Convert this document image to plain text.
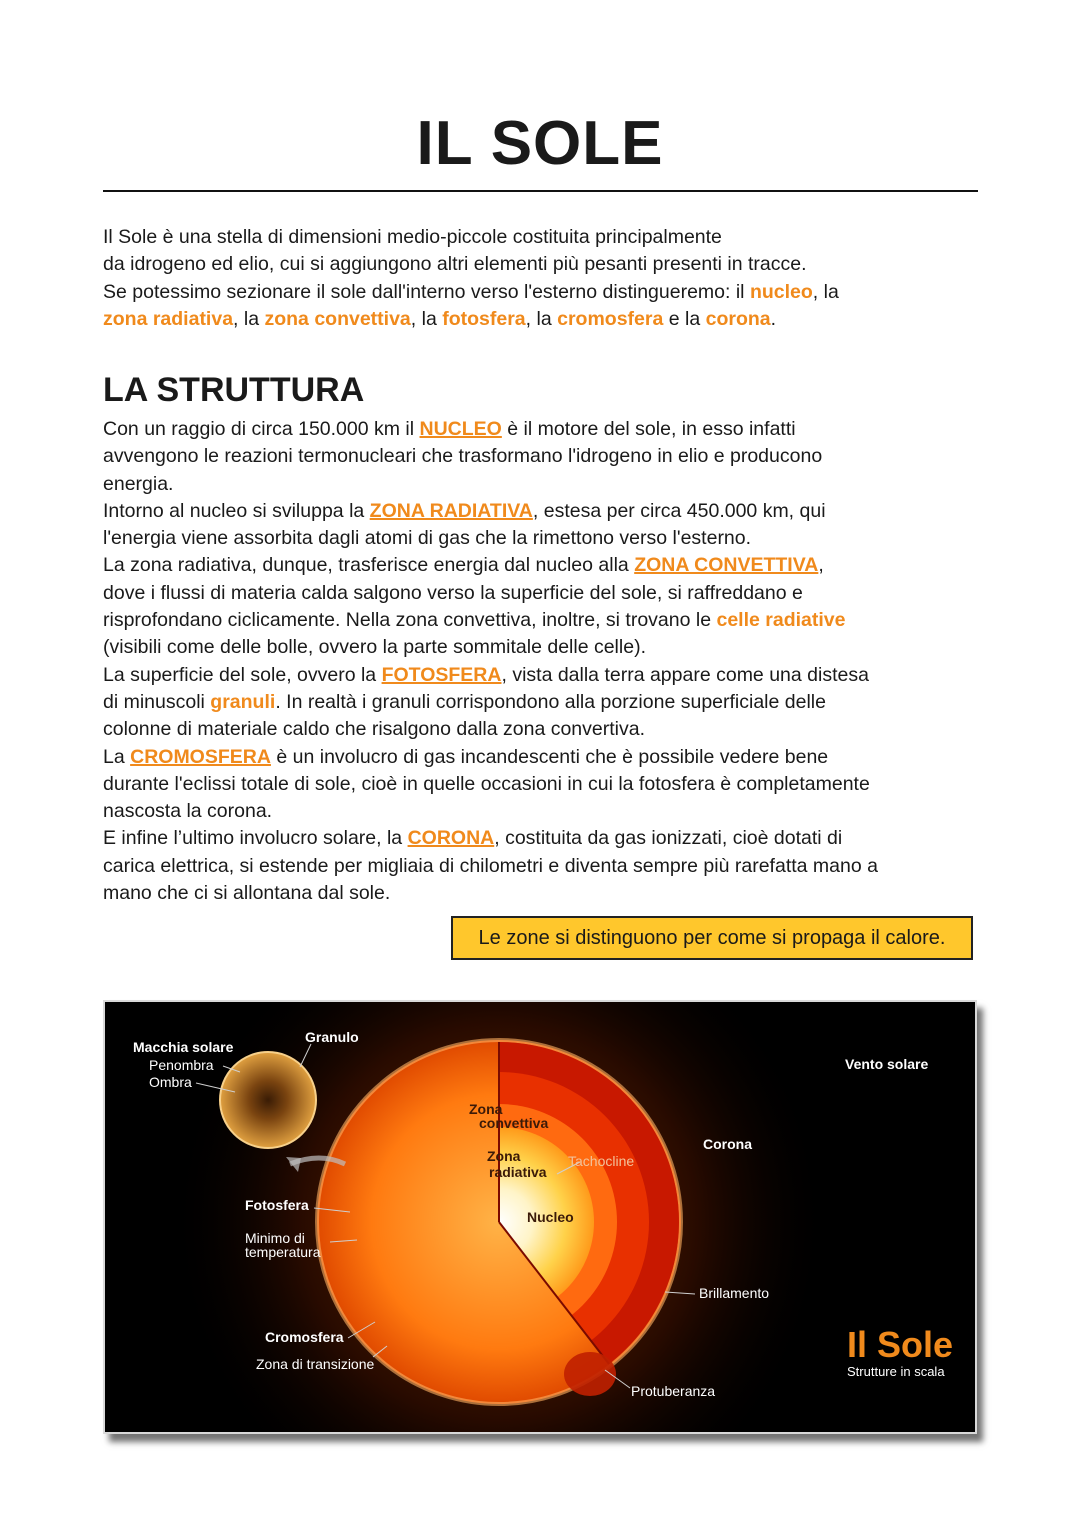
IL SOLE
Il Sole è una stella di dimensioni medio-piccole costituita principalmente
da idrogeno ed elio, cui si aggiungono altri elementi più pesanti presenti in tracce.
Se potessimo sezionare il sole dall'interno verso l'esterno distingueremo: il nucleo, la
zona radiativa, la zona convettiva, la fotosfera, la cromosfera e la corona.
LA STRUTTURA
Con un raggio di circa 150.000 km il NUCLEO è il motore del sole, in esso infatti
avvengono le reazioni termonucleari che trasformano l'idrogeno in elio e producono
energia.
Intorno al nucleo si sviluppa la ZONA RADIATIVA, estesa per circa 450.000 km, qui
l'energia viene assorbita dagli atomi di gas che la rimettono verso l'esterno.
La zona radiativa, dunque, trasferisce energia dal nucleo alla ZONA CONVETTIVA,
dove i flussi di materia calda salgono verso la superficie del sole, si raffreddano e
risprofondano ciclicamente. Nella zona convettiva, inoltre, si trovano le celle radiative
(visibili come delle bolle, ovvero la parte sommitale delle celle).
La superficie del sole, ovvero la FOTOSFERA, vista dalla terra appare come una distesa
di minuscoli granuli. In realtà i granuli corrispondono alla porzione superficiale delle
colonne di materiale caldo che risalgono dalla zona convertiva.
La CROMOSFERA è un involucro di gas incandescenti che è possibile vedere bene
durante l'eclissi totale di sole, cioè in quelle occasioni in cui la fotosfera è completamente
nascosta la corona.
E infine l’ultimo involucro solare, la CORONA, costituita da gas ionizzati, cioè dotati di
carica elettrica, si estende per migliaia di chilometri e diventa sempre più rarefatta mano a
mano che ci si allontana dal sole.
Le zone si distinguono per come si propaga il calore.
Macchia solare
Penombra
Ombra
Granulo
Vento solare
Zona
convettiva
Zona
radiativa
Tachocline
Corona
Nucleo
Fotosfera
Minimo di
temperatura
Brillamento
Cromosfera
Zona di transizione
Protuberanza
Il Sole
Strutture in scala
